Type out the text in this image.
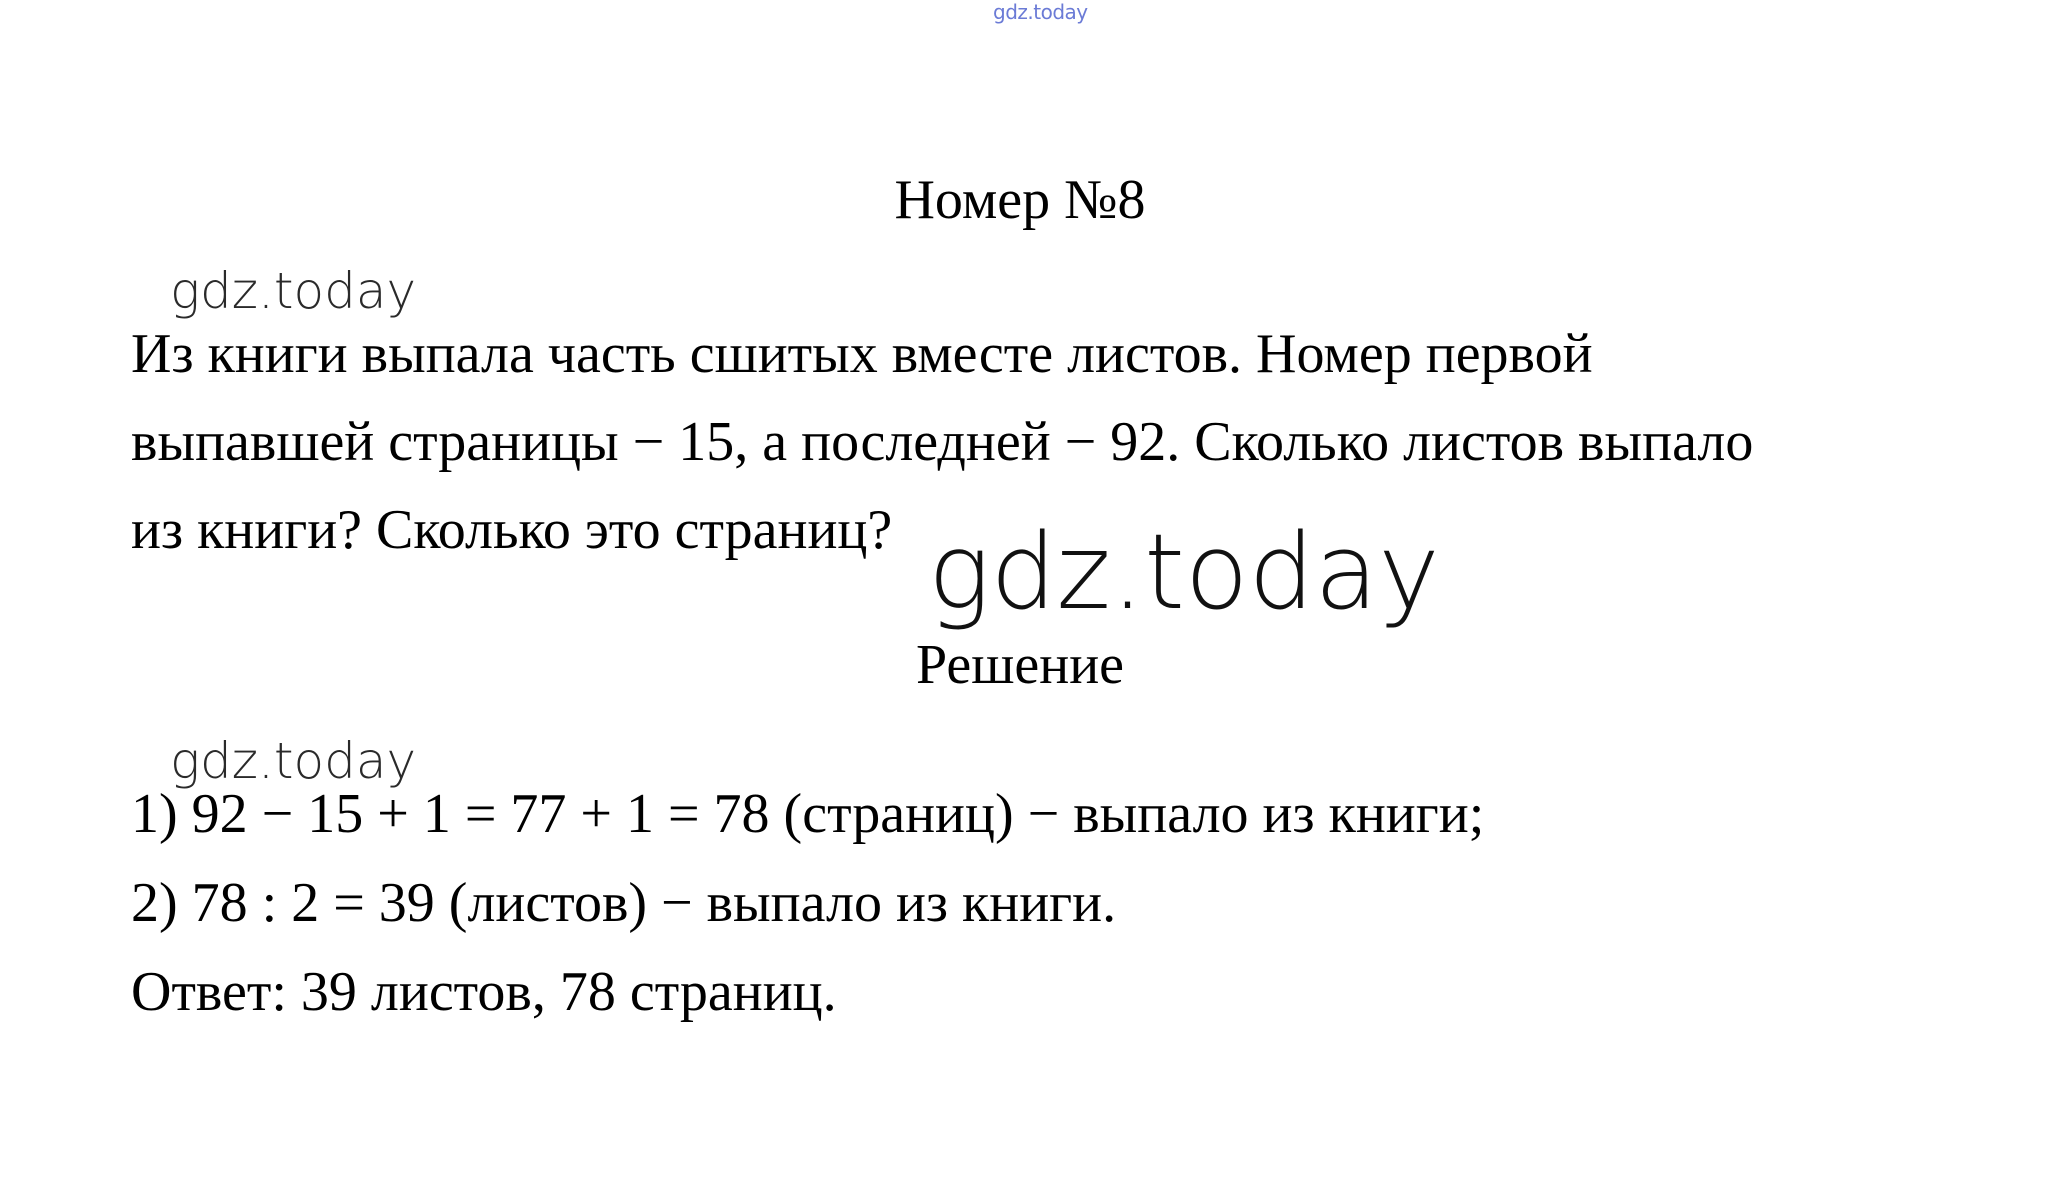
gdz.today
Номер №8
gdz.today
Из книги выпала часть сшитых вместе листов. Номер первой
выпавшей страницы − 15, а последней − 92. Сколько листов выпало
из книги? Сколько это страниц? gdz.today
Решение
gdz.today
1) 92 − 15 + 1 = 77 + 1 = 78 (страниц) − выпало из книги;
2) 78 : 2 = 39 (листов) − выпало из книги.
Ответ: 39 листов, 78 страниц.
